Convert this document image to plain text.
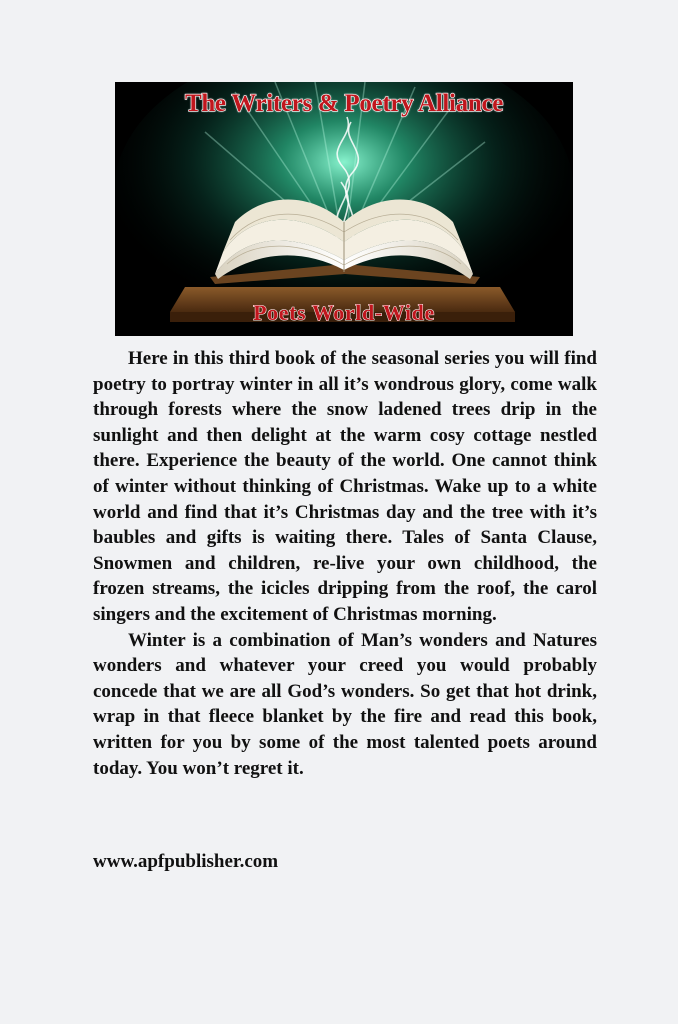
The Writers & Poetry Alliance
Poets World-Wide

Here in this third book of the seasonal series you will find poetry to portray winter in all it’s wondrous glory, come walk through forests where the snow ladened trees drip in the sunlight and then delight at the warm cosy cottage nestled there. Experience the beauty of the world. One cannot think of winter without thinking of Christmas. Wake up to a white world and find that it’s Christmas day and the tree with it’s baubles and gifts is waiting there. Tales of Santa Clause, Snowmen and children, re-live your own childhood, the frozen streams, the icicles dripping from the roof, the carol singers and the excitement of Christmas morning.

Winter is a combination of Man’s wonders and Natures wonders and whatever your creed you would probably concede that we are all God’s wonders. So get that hot drink, wrap in that fleece blanket by the fire and read this book, written for you by some of the most talented poets around today. You won’t regret it.

www.apfpublisher.com
